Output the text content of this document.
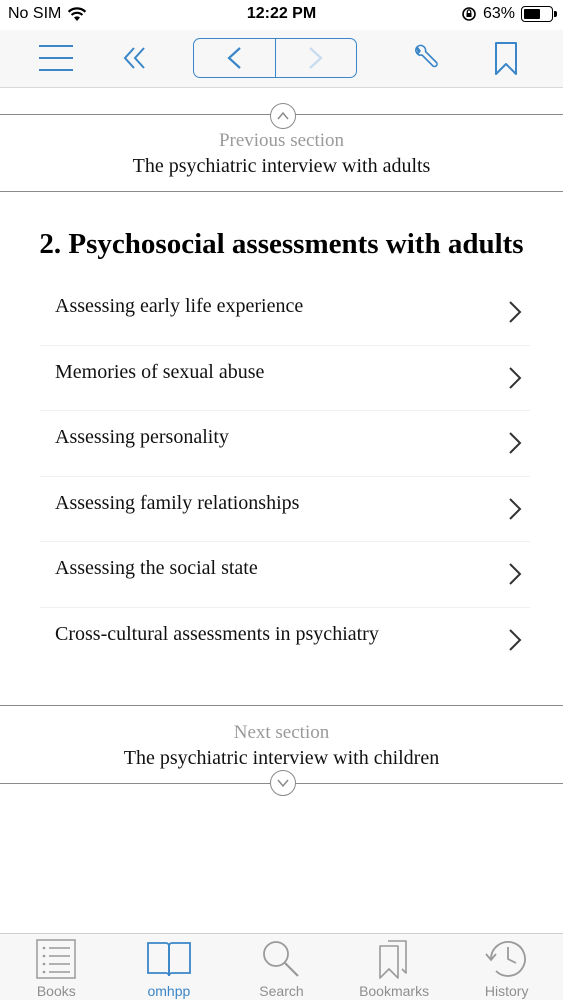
No SIM	12:22 PM	63%
Previous section
The psychiatric interview with adults
2. Psychosocial assessments with adults
Assessing early life experience
Memories of sexual abuse
Assessing personality
Assessing family relationships
Assessing the social state
Cross-cultural assessments in psychiatry
Next section
The psychiatric interview with children
Books	omhpp	Search	Bookmarks	History
